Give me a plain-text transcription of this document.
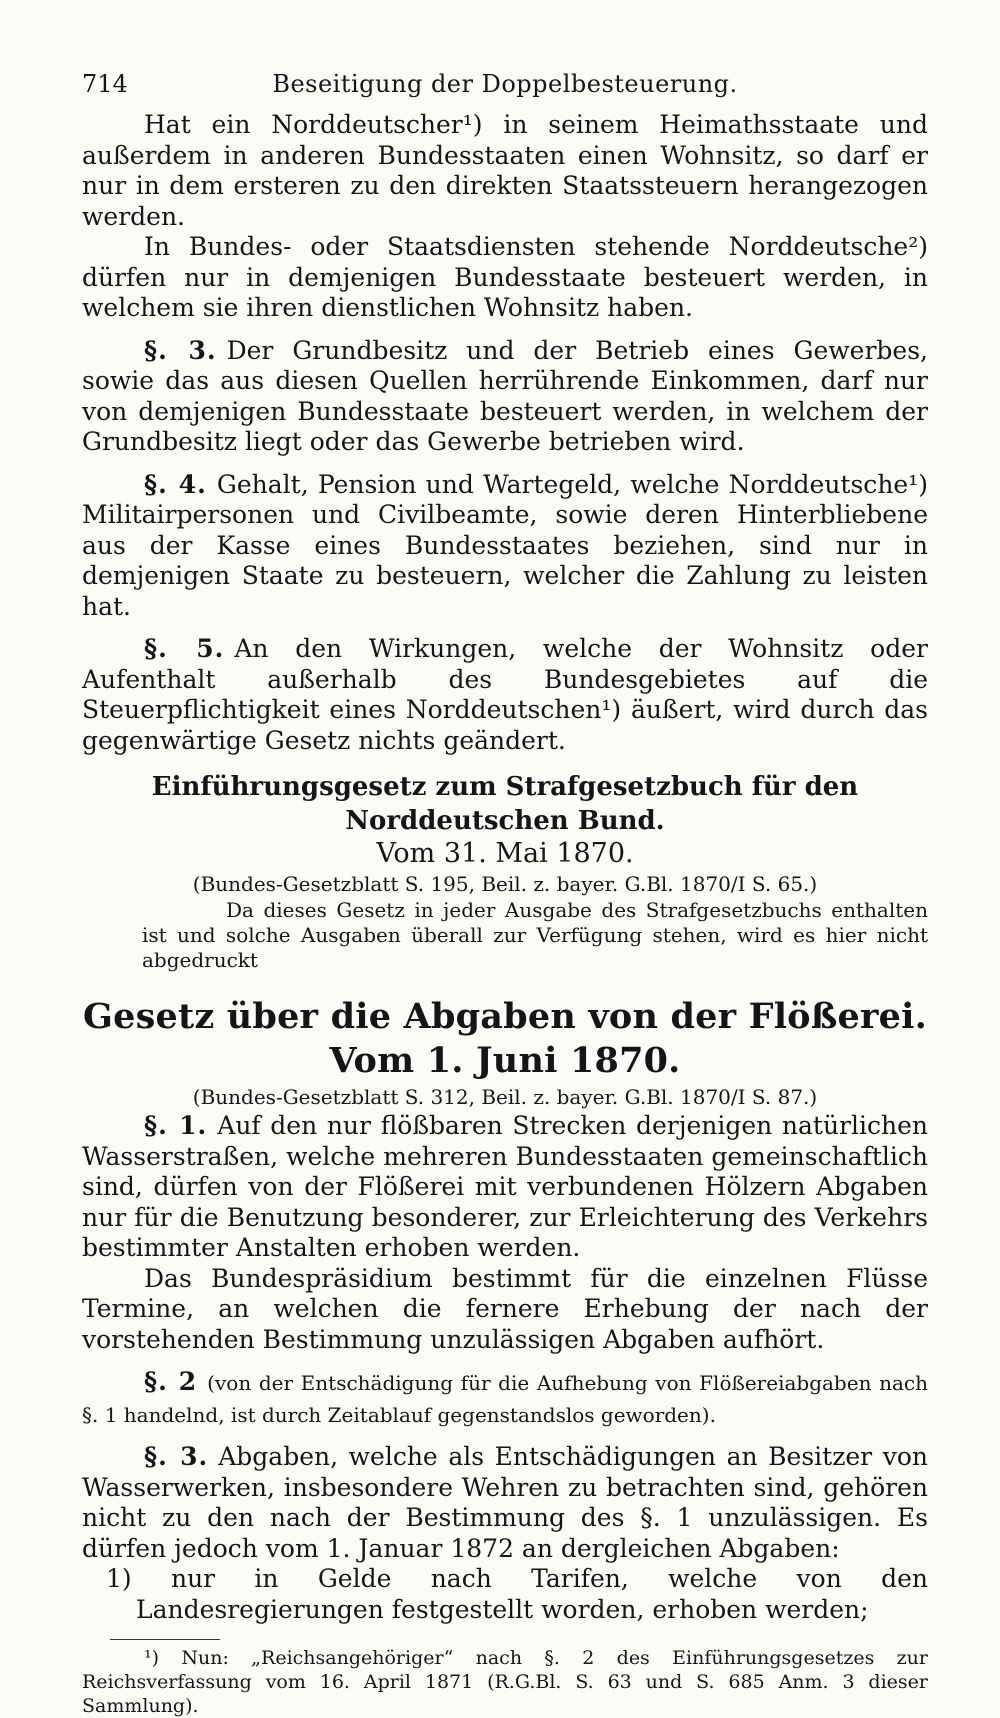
714	Beseitigung der Doppelbesteuerung.

Hat ein Norddeutscher¹) in seinem Heimathsstaate und außerdem in anderen Bundesstaaten einen Wohnsitz, so darf er nur in dem ersteren zu den direkten Staatssteuern herangezogen werden.

In Bundes- oder Staatsdiensten stehende Norddeutsche²) dürfen nur in demjenigen Bundesstaate besteuert werden, in welchem sie ihren dienstlichen Wohnsitz haben.

§. 3. Der Grundbesitz und der Betrieb eines Gewerbes, sowie das aus diesen Quellen herrührende Einkommen, darf nur von demjenigen Bundesstaate besteuert werden, in welchem der Grundbesitz liegt oder das Gewerbe betrieben wird.

§. 4. Gehalt, Pension und Wartegeld, welche Norddeutsche¹) Militairpersonen und Civilbeamte, sowie deren Hinterbliebene aus der Kasse eines Bundesstaates beziehen, sind nur in demjenigen Staate zu besteuern, welcher die Zahlung zu leisten hat.

§. 5. An den Wirkungen, welche der Wohnsitz oder Aufenthalt außerhalb des Bundesgebietes auf die Steuerpflichtigkeit eines Norddeutschen¹) äußert, wird durch das gegenwärtige Gesetz nichts geändert.

Einführungsgesetz zum Strafgesetzbuch für den Norddeutschen Bund.
Vom 31. Mai 1870.
(Bundes-Gesetzblatt S. 195, Beil. z. bayer. G.Bl. 1870/I S. 65.)

Da dieses Gesetz in jeder Ausgabe des Strafgesetzbuchs enthalten ist und solche Ausgaben überall zur Verfügung stehen, wird es hier nicht abgedruckt

Gesetz über die Abgaben von der Flößerei. Vom 1. Juni 1870.
(Bundes-Gesetzblatt S. 312, Beil. z. bayer. G.Bl. 1870/I S. 87.)

§. 1. Auf den nur flößbaren Strecken derjenigen natürlichen Wasserstraßen, welche mehreren Bundesstaaten gemeinschaftlich sind, dürfen von der Flößerei mit verbundenen Hölzern Abgaben nur für die Benutzung besonderer, zur Erleichterung des Verkehrs bestimmter Anstalten erhoben werden.

Das Bundespräsidium bestimmt für die einzelnen Flüsse Termine, an welchen die fernere Erhebung der nach der vorstehenden Bestimmung unzulässigen Abgaben aufhört.

§. 2 (von der Entschädigung für die Aufhebung von Flößereiabgaben nach §. 1 handelnd, ist durch Zeitablauf gegenstandslos geworden).

§. 3. Abgaben, welche als Entschädigungen an Besitzer von Wasserwerken, insbesondere Wehren zu betrachten sind, gehören nicht zu den nach der Bestimmung des §. 1 unzulässigen. Es dürfen jedoch vom 1. Januar 1872 an dergleichen Abgaben:

1) nur in Gelde nach Tarifen, welche von den Landesregierungen festgestellt worden, erhoben werden;

¹) Nun: „Reichsangehöriger“ nach §. 2 des Einführungsgesetzes zur Reichsverfassung vom 16. April 1871 (R.G.Bl. S. 63 und S. 685 Anm. 3 dieser Sammlung).
